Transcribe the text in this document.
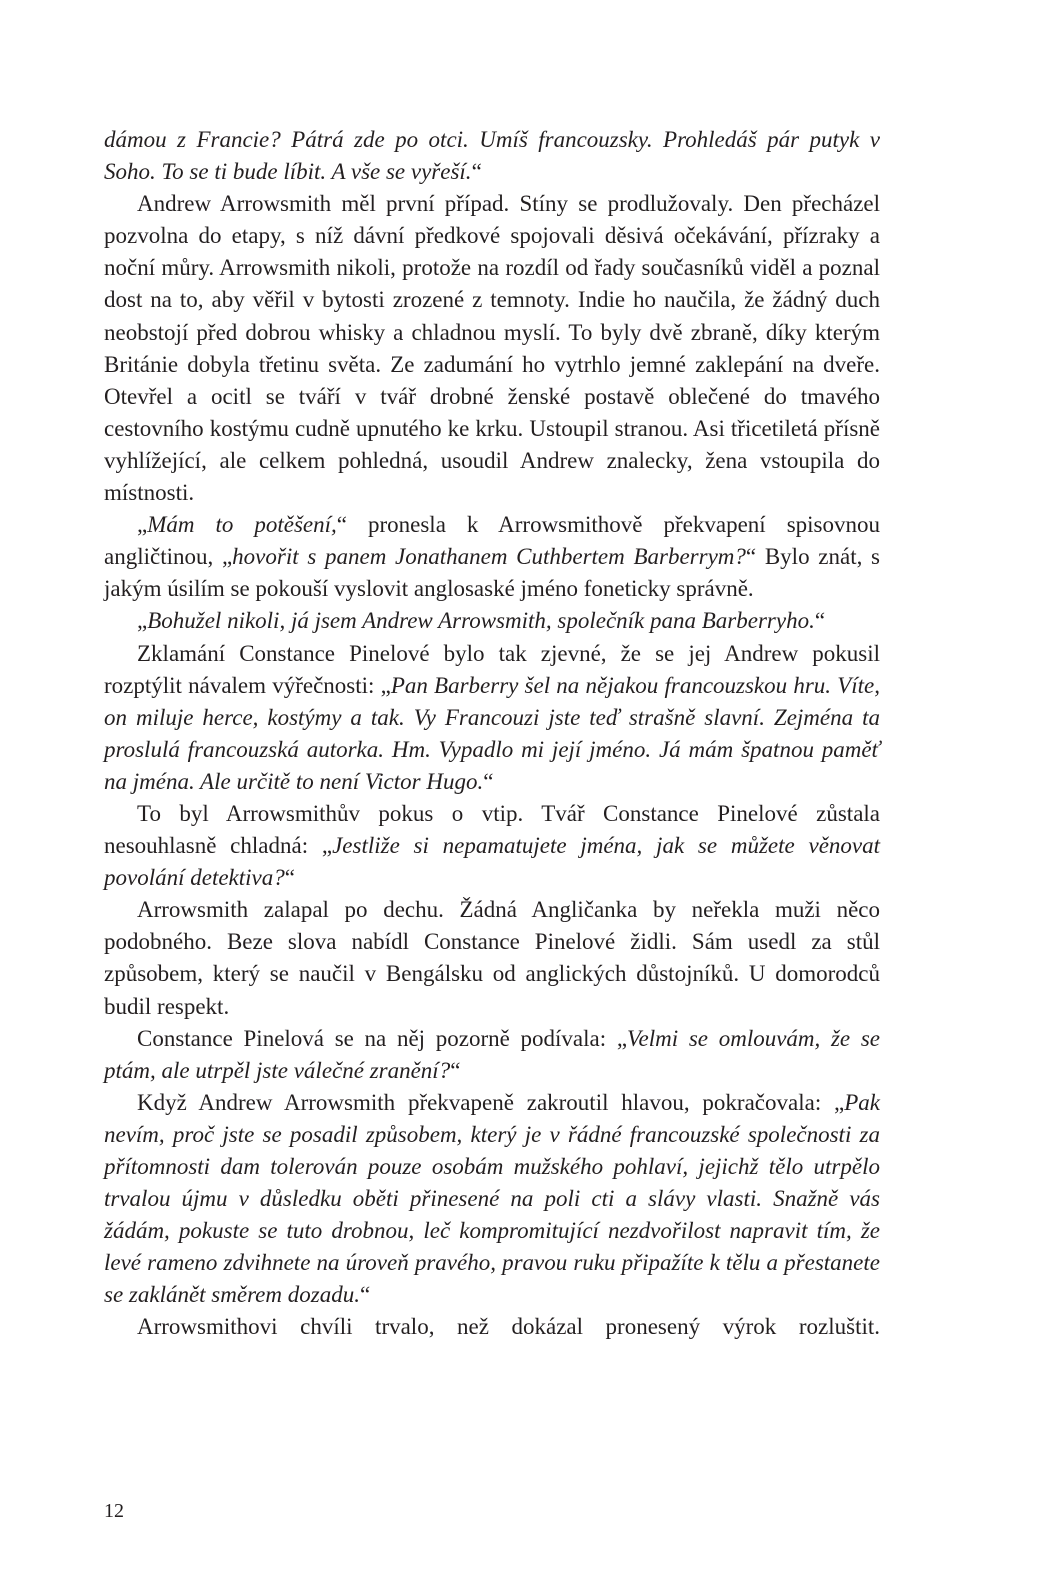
dámou z Francie? Pátrá zde po otci. Umíš francouzsky. Prohledáš pár putyk v Soho. To se ti bude líbit. A vše se vyřeší.“

Andrew Arrowsmith měl první případ. Stíny se prodlužovaly. Den přecházel pozvolna do etapy, s níž dávní předkové spojovali děsivá očekávání, přízraky a noční můry. Arrowsmith nikoli, protože na rozdíl od řady současníků viděl a poznal dost na to, aby věřil v bytosti zrozené z temnoty. Indie ho naučila, že žádný duch neobstojí před dobrou whisky a chladnou myslí. To byly dvě zbraně, díky kterým Británie dobyla třetinu světa. Ze zadumání ho vytrhlo jemné zaklepání na dveře. Otevřel a ocitl se tváří v tvář drobné ženské postavě oblečené do tmavého cestovního kostýmu cudně upnutého ke krku. Ustoupil stranou. Asi třicetiletá přísně vyhlížející, ale celkem pohledná, usoudil Andrew znalecky, žena vstoupila do místnosti.

„Mám to potěšení,“ pronesla k Arrowsmithově překvapení spisovnou angličtinou, „hovořit s panem Jonathanem Cuthbertem Barberrym?“ Bylo znát, s jakým úsilím se pokouší vyslovit anglosaské jméno foneticky správně.

„Bohužel nikoli, já jsem Andrew Arrowsmith, společník pana Barberryho.“

Zklamání Constance Pinelové bylo tak zjevné, že se jej Andrew pokusil rozptýlit návalem výřečnosti: „Pan Barberry šel na nějakou francouzskou hru. Víte, on miluje herce, kostýmy a tak. Vy Francouzi jste teď strašně slavní. Zejména ta proslulá francouzská autorka. Hm. Vypadlo mi její jméno. Já mám špatnou paměť na jména. Ale určitě to není Victor Hugo.“

To byl Arrowsmithův pokus o vtip. Tvář Constance Pinelové zůstala nesouhlasně chladná: „Jestliže si nepamatujete jména, jak se můžete věnovat povolání detektiva?“

Arrowsmith zalapal po dechu. Žádná Angličanka by neřekla muži něco podobného. Beze slova nabídl Constance Pinelové židli. Sám usedl za stůl způsobem, který se naučil v Bengálsku od anglických důstojníků. U domorodců budil respekt.

Constance Pinelová se na něj pozorně podívala: „Velmi se omlouvám, že se ptám, ale utrpěl jste válečné zranění?“

Když Andrew Arrowsmith překvapeně zakroutil hlavou, pokračovala: „Pak nevím, proč jste se posadil způsobem, který je v řádné francouzské společnosti za přítomnosti dam tolerován pouze osobám mužského pohlaví, jejichž tělo utrpělo trvalou újmu v důsledku oběti přinesené na poli cti a slávy vlasti. Snažně vás žádám, pokuste se tuto drobnou, leč kompromitující nezdvořilost napravit tím, že levé rameno zdvihnete na úroveň pravého, pravou ruku připažíte k tělu a přestanete se zaklánět směrem dozadu.“

Arrowsmithovi chvíli trvalo, než dokázal pronesený výrok rozluštit.

12
